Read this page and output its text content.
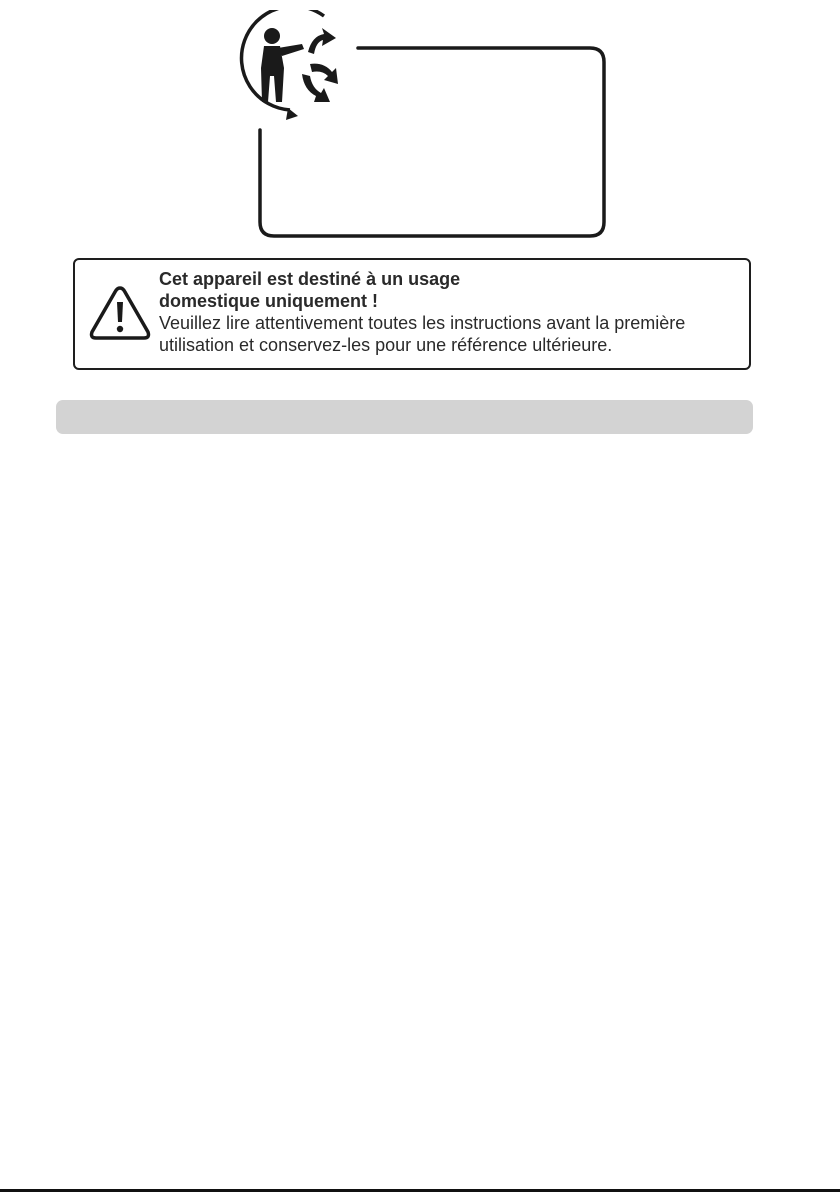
Cet appareil est destiné à un usage domestique uniquement !
Veuillez lire attentivement toutes les instructions avant la première utilisation et conservez-les pour une référence ultérieure.
